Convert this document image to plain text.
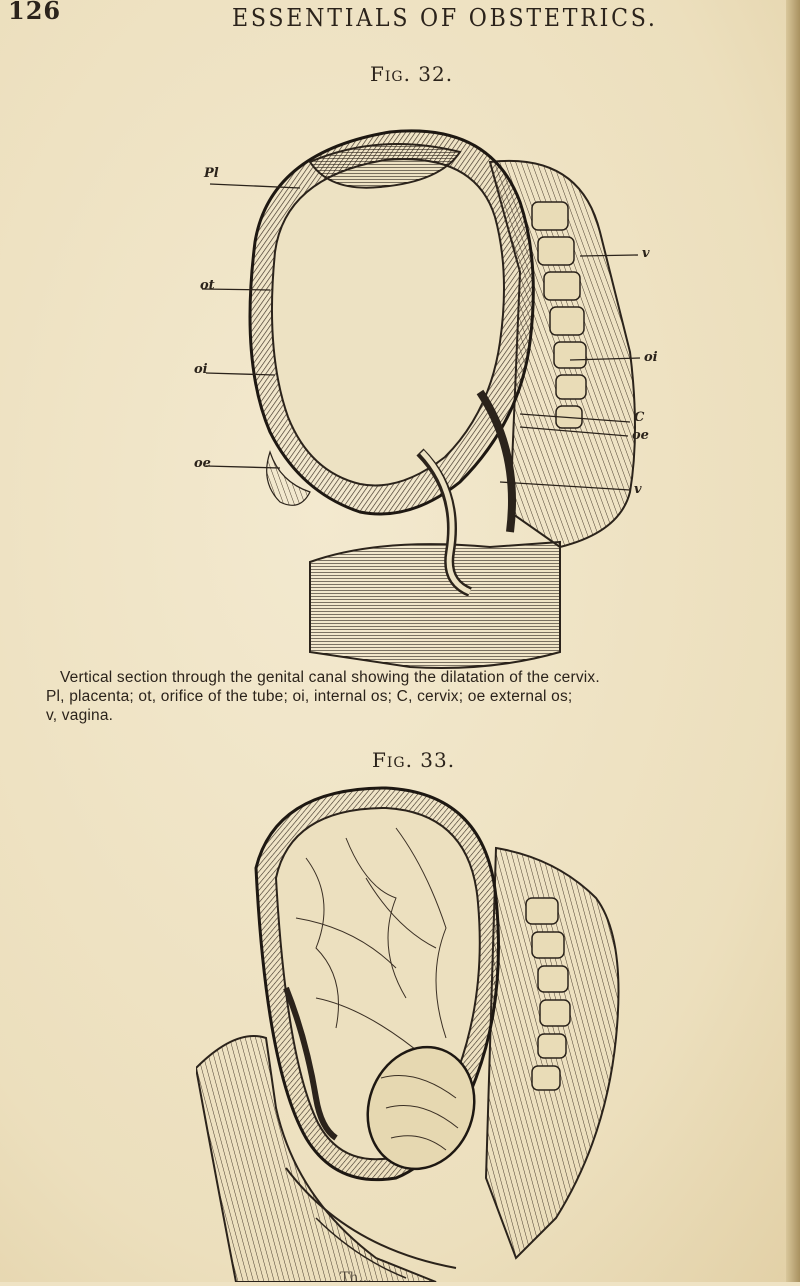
126	ESSENTIALS OF OBSTETRICS.
Fig. 32.
Pl
ot
oi
oe
v
oi
C
oe
v

Vertical section through the genital canal showing the dilatation of the cervix.

Pl, placenta; ot, orifice of the tube; oi, internal os; C, cervix; oe external os;

v, vagina.

Fig. 33.
Th...
